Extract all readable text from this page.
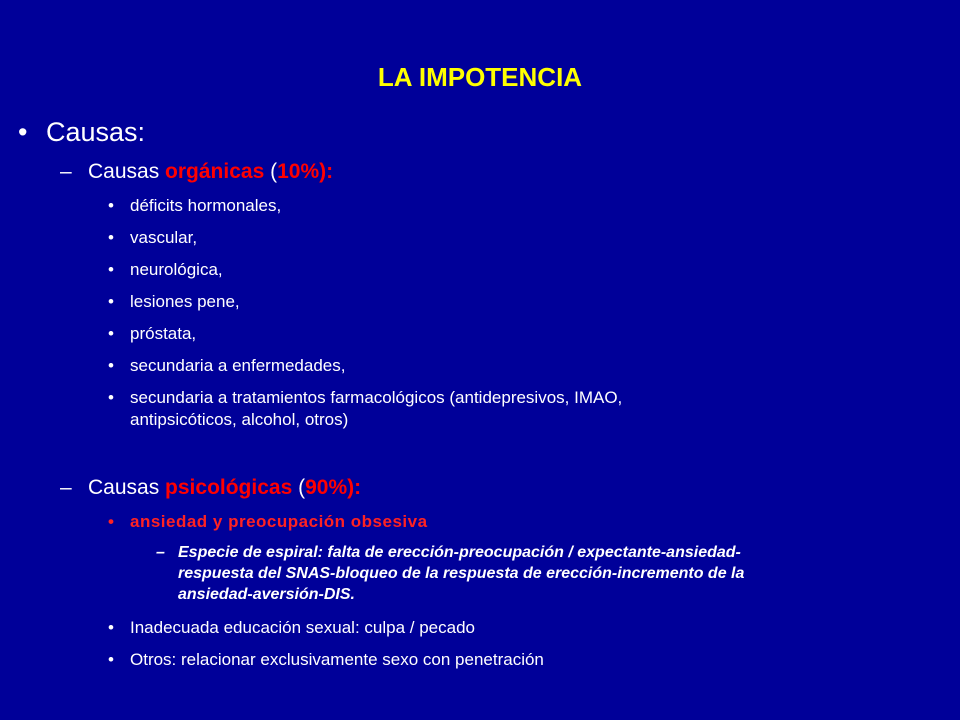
LA IMPOTENCIA
• Causas:
– Causas orgánicas (10%):
• déficits hormonales,
• vascular,
• neurológica,
• lesiones pene,
• próstata,
• secundaria a enfermedades,
• secundaria a tratamientos farmacológicos (antidepresivos, IMAO,
antipsicóticos, alcohol, otros)
– Causas psicológicas (90%):
• ansiedad y preocupación obsesiva
– Especie de espiral: falta de erección-preocupación / expectante-ansiedad-
respuesta del SNAS-bloqueo de la respuesta de erección-incremento de la
ansiedad-aversión-DIS.
• Inadecuada educación sexual: culpa / pecado
• Otros: relacionar exclusivamente sexo con penetración
